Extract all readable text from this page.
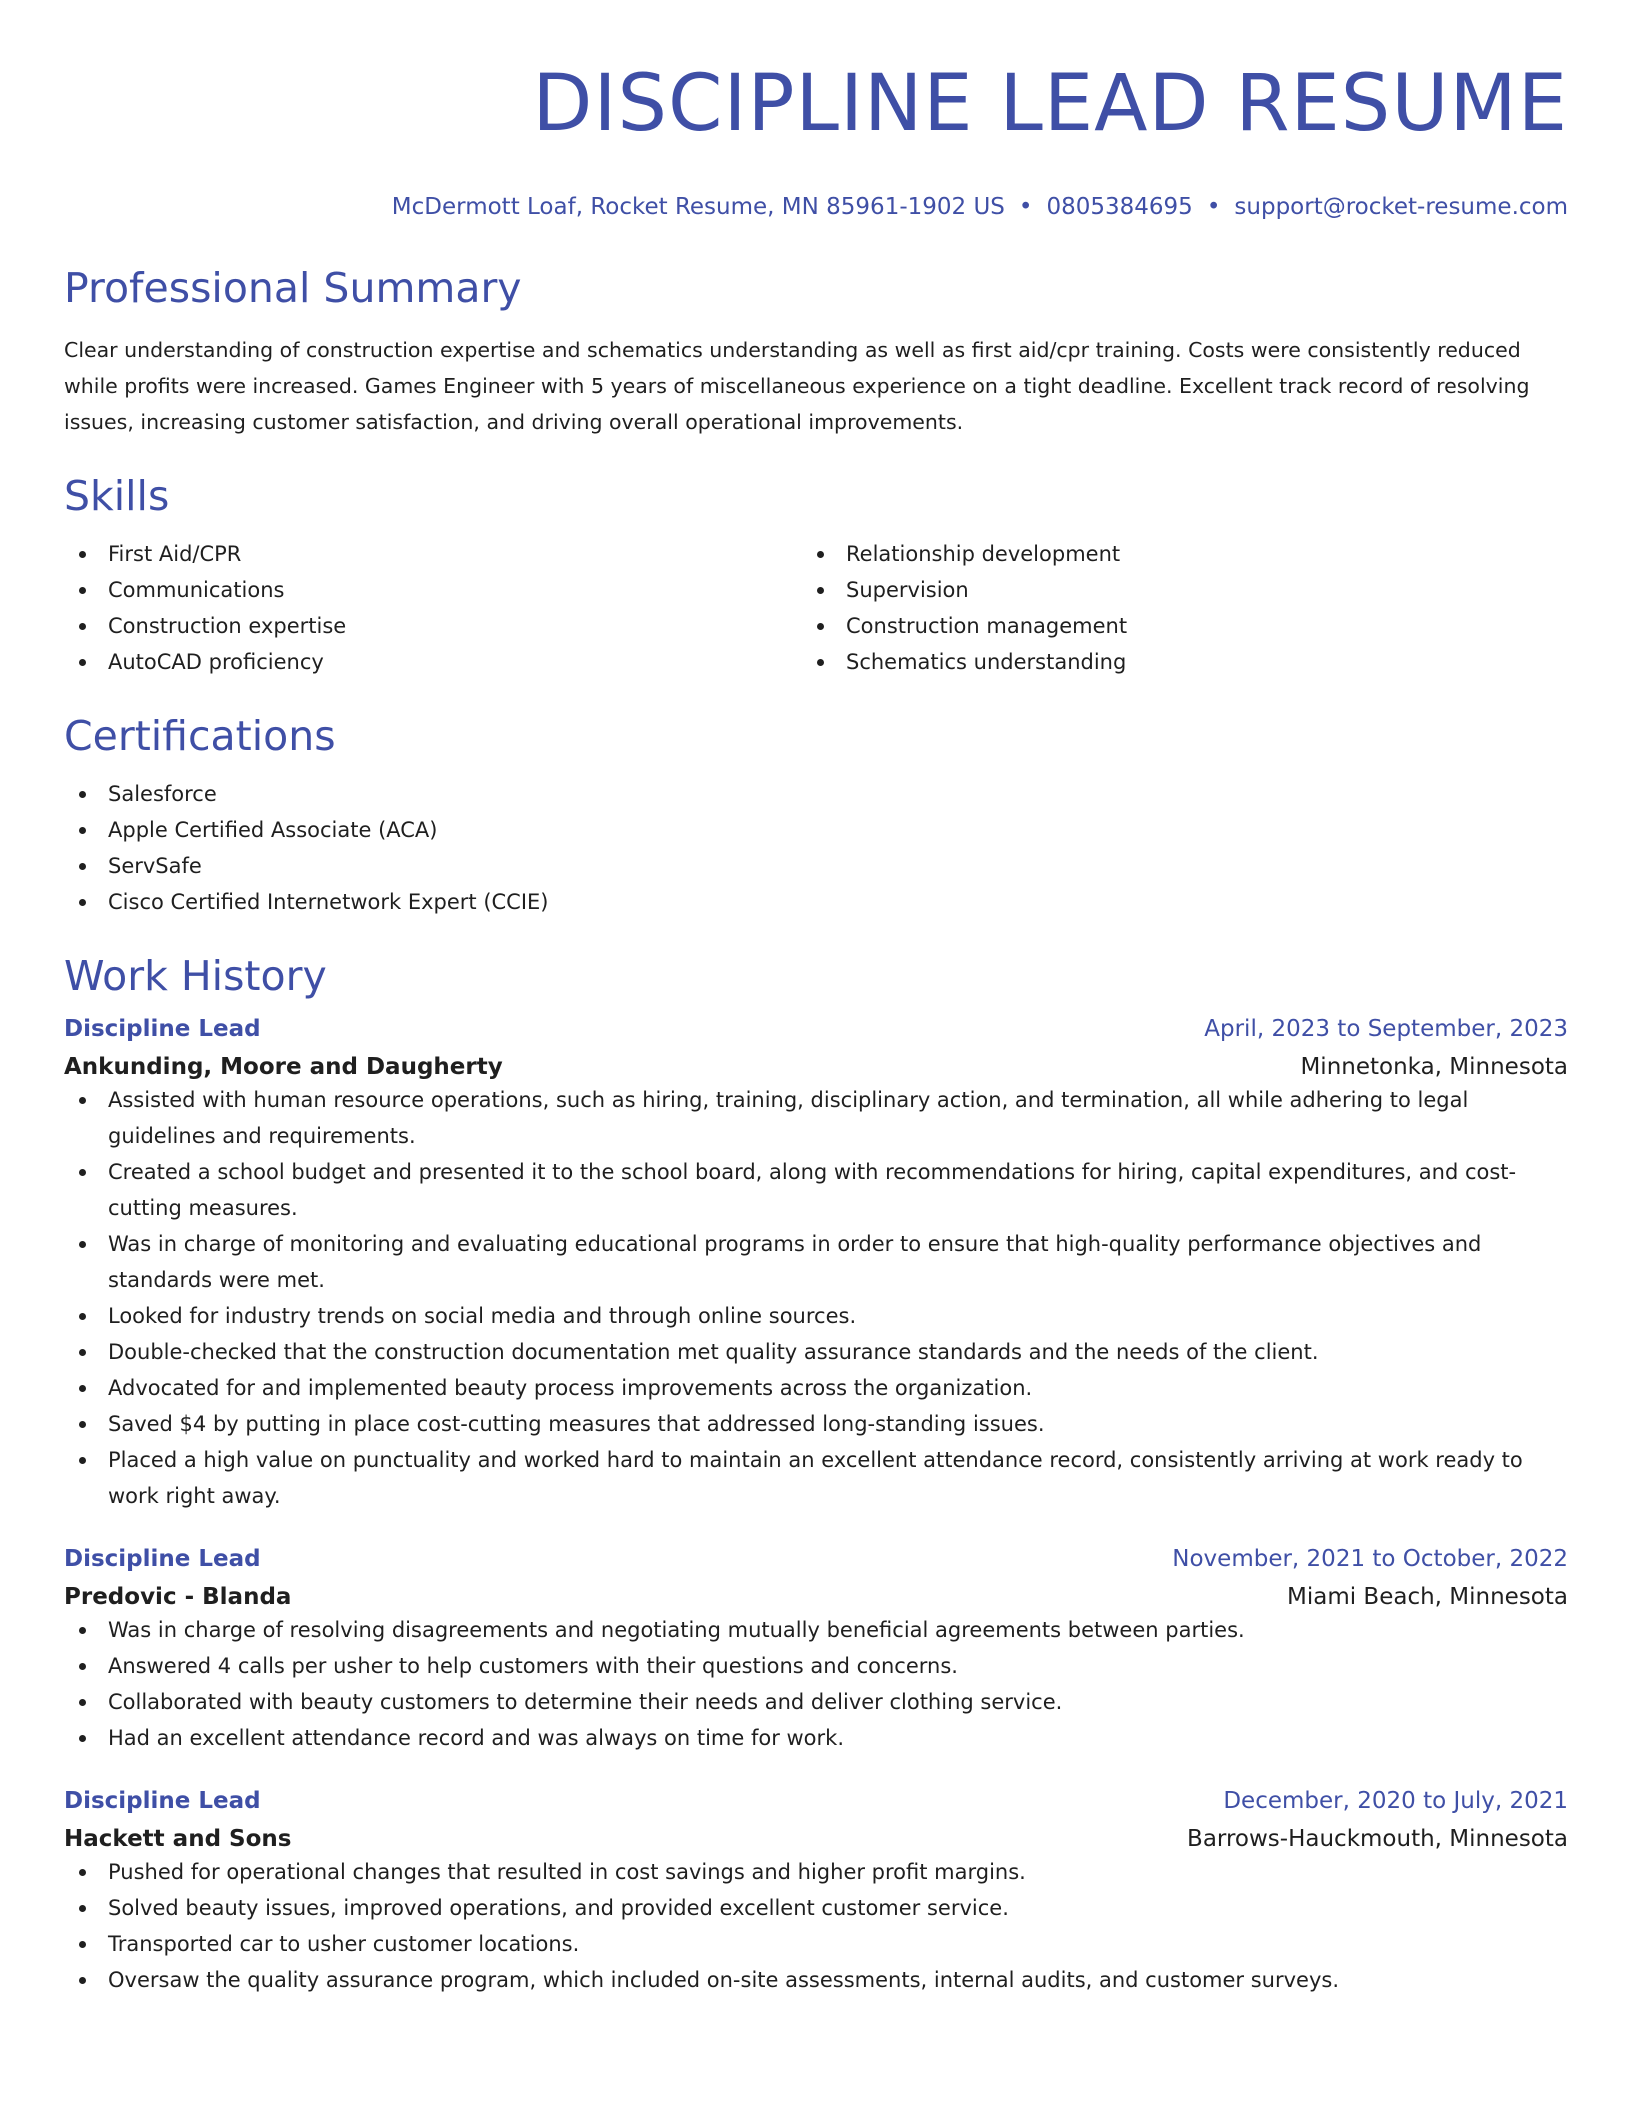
DISCIPLINE LEAD RESUME
McDermott Loaf, Rocket Resume, MN 85961-1902 US • 0805384695 • support@rocket-resume.com
Professional Summary
Clear understanding of construction expertise and schematics understanding as well as first aid/cpr training. Costs were consistently reduced while profits were increased. Games Engineer with 5 years of miscellaneous experience on a tight deadline. Excellent track record of resolving issues, increasing customer satisfaction, and driving overall operational improvements.
Skills
First Aid/CPR
Communications
Construction expertise
AutoCAD proficiency
Relationship development
Supervision
Construction management
Schematics understanding
Certifications
Salesforce
Apple Certified Associate (ACA)
ServSafe
Cisco Certified Internetwork Expert (CCIE)
Work History
Discipline Lead	April, 2023 to September, 2023
Ankunding, Moore and Daugherty	Minnetonka, Minnesota
Assisted with human resource operations, such as hiring, training, disciplinary action, and termination, all while adhering to legal guidelines and requirements.
Created a school budget and presented it to the school board, along with recommendations for hiring, capital expenditures, and cost-cutting measures.
Was in charge of monitoring and evaluating educational programs in order to ensure that high-quality performance objectives and standards were met.
Looked for industry trends on social media and through online sources.
Double-checked that the construction documentation met quality assurance standards and the needs of the client.
Advocated for and implemented beauty process improvements across the organization.
Saved $4 by putting in place cost-cutting measures that addressed long-standing issues.
Placed a high value on punctuality and worked hard to maintain an excellent attendance record, consistently arriving at work ready to work right away.
Discipline Lead	November, 2021 to October, 2022
Predovic - Blanda	Miami Beach, Minnesota
Was in charge of resolving disagreements and negotiating mutually beneficial agreements between parties.
Answered 4 calls per usher to help customers with their questions and concerns.
Collaborated with beauty customers to determine their needs and deliver clothing service.
Had an excellent attendance record and was always on time for work.
Discipline Lead	December, 2020 to July, 2021
Hackett and Sons	Barrows-Hauckmouth, Minnesota
Pushed for operational changes that resulted in cost savings and higher profit margins.
Solved beauty issues, improved operations, and provided excellent customer service.
Transported car to usher customer locations.
Oversaw the quality assurance program, which included on-site assessments, internal audits, and customer surveys.
